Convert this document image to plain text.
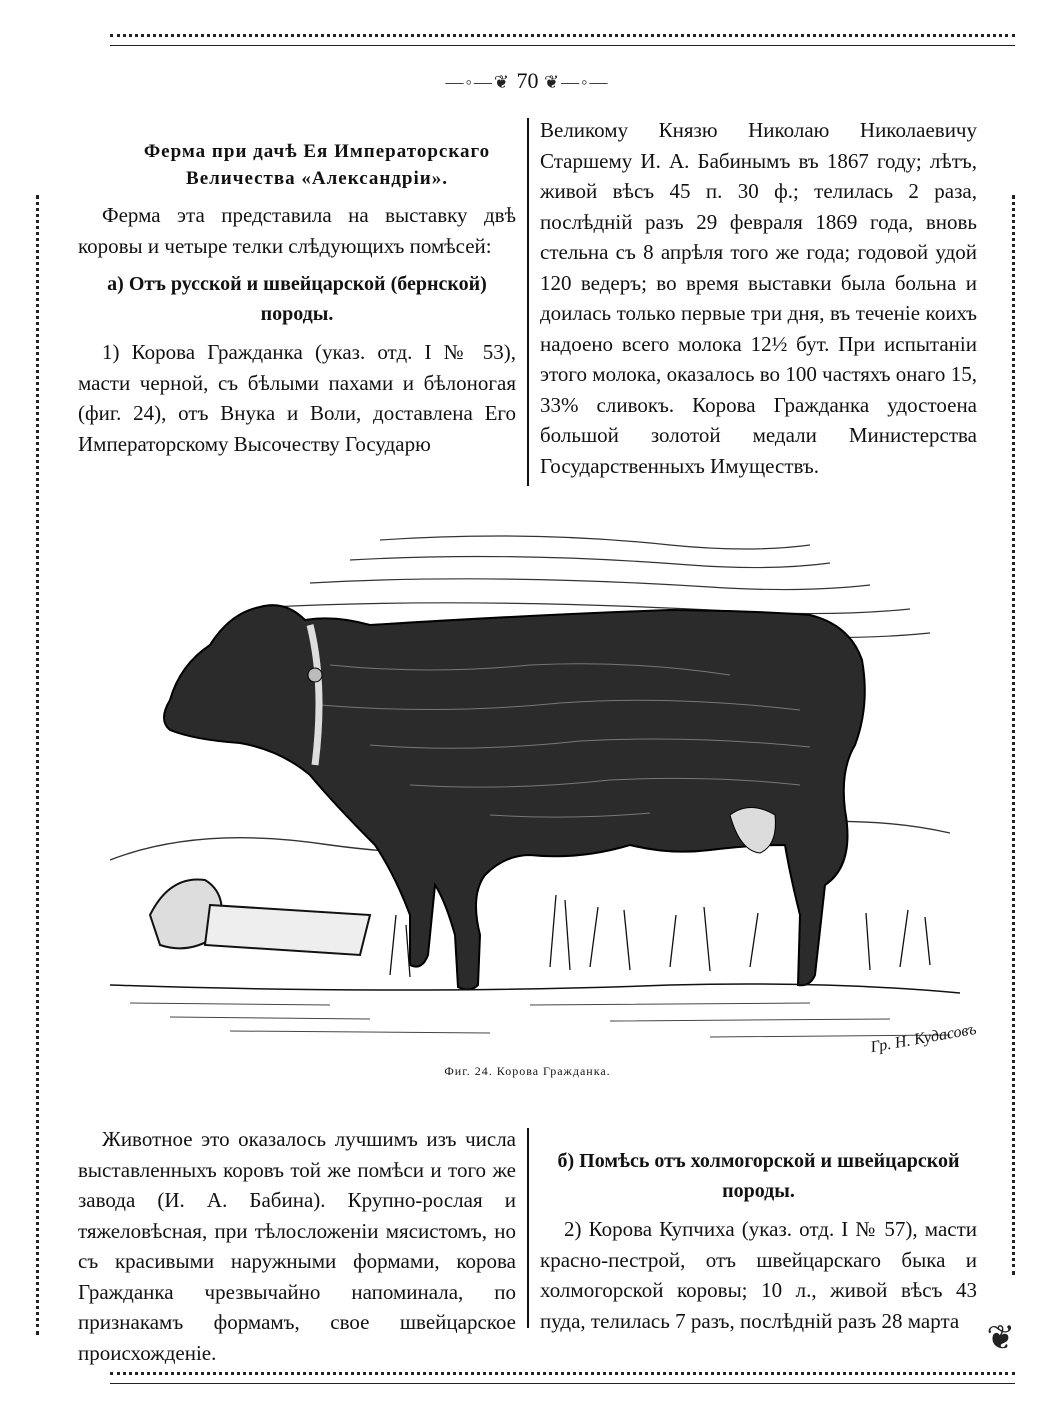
—◦—❦ 70 ❦—◦—
Ферма при дачѣ Ея Императорскаго Величества «Александріи».

Ферма эта представила на выставку двѣ коровы и четыре телки слѣдующихъ помѣсей:

а) Отъ русской и швейцарской (бернской) породы.

1) Корова Гражданка (указ. отд. I № 53), масти черной, съ бѣлыми пахами и бѣлоногая (фиг. 24), отъ Внука и Воли, доставлена Его Императорскому Высочеству Государю

Великому Князю Николаю Николаевичу Старшему И. А. Бабинымъ въ 1867 году; лѣтъ, живой вѣсъ 45 п. 30 ф.; телилась 2 раза, послѣдній разъ 29 февраля 1869 года, вновь стельна съ 8 апрѣля того же года; годовой удой 120 ведеръ; во время выставки была больна и доилась только первые три дня, въ теченіе коихъ надоено всего молока 12½ бут. При испытаніи этого молока, оказалось во 100 частяхъ онаго 15, 33% сливокъ. Корова Гражданка удостоена большой золотой медали Министерства Государственныхъ Имуществъ.

Гр. Н. Кудасовъ
Фиг. 24. Корова Гражданка.

Животное это оказалось лучшимъ изъ числа выставленныхъ коровъ той же помѣси и того же завода (И. А. Бабина). Крупно-рослая и тяжеловѣсная, при тѣлосложеніи мясистомъ, но съ красивыми наружными формами, корова Гражданка чрезвычайно напоминала, по признакамъ формамъ, свое швейцарское происхожденіе.

б) Помѣсь отъ холмогорской и швейцарской породы.

2) Корова Купчиха (указ. отд. I № 57), масти красно-пестрой, отъ швейцарскаго быка и холмогорской коровы; 10 л., живой вѣсъ 43 пуда, телилась 7 разъ, послѣдній разъ 28 марта ❦
